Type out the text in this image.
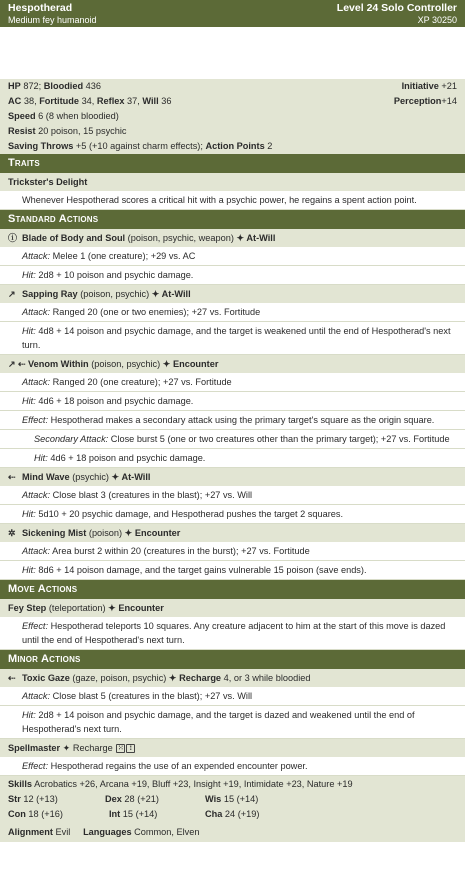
Hespotherad
Medium fey humanoid
Level 24 Solo Controller
XP 30250
HP 872; Bloodied 436	Initiative +21
AC 38, Fortitude 34, Reflex 37, Will 36	Perception+14
Speed 6 (8 when bloodied)
Resist 20 poison, 15 psychic
Saving Throws +5 (+10 against charm effects); Action Points 2
Traits
Trickster's Delight
Whenever Hespotherad scores a critical hit with a psychic power, he regains a spent action point.
Standard Actions
ⓘ Blade of Body and Soul (poison, psychic, weapon) ✦ At-Will
Attack: Melee 1 (one creature); +29 vs. AC
Hit: 2d8 + 10 poison and psychic damage.
↗ Sapping Ray (poison, psychic) ✦ At-Will
Attack: Ranged 20 (one or two enemies); +27 vs. Fortitude
Hit: 4d8 + 14 poison and psychic damage, and the target is weakened until the end of Hespotherad's next turn.
↗ ⇠ Venom Within (poison, psychic) ✦ Encounter
Attack: Ranged 20 (one creature); +27 vs. Fortitude
Hit: 4d6 + 18 poison and psychic damage.
Effect: Hespotherad makes a secondary attack using the primary target's square as the origin square.
Secondary Attack: Close burst 5 (one or two creatures other than the primary target); +27 vs. Fortitude
Hit: 4d6 + 18 poison and psychic damage.
⇠ Mind Wave (psychic) ✦ At-Will
Attack: Close blast 3 (creatures in the blast); +27 vs. Will
Hit: 5d10 + 20 psychic damage, and Hespotherad pushes the target 2 squares.
✲ Sickening Mist (poison) ✦ Encounter
Attack: Area burst 2 within 20 (creatures in the burst); +27 vs. Fortitude
Hit: 8d6 + 14 poison damage, and the target gains vulnerable 15 poison (save ends).
Move Actions
Fey Step (teleportation) ✦ Encounter
Effect: Hespotherad teleports 10 squares. Any creature adjacent to him at the start of this move is dazed until the end of Hespotherad's next turn.
Minor Actions
⇠ Toxic Gaze (gaze, poison, psychic) ✦ Recharge 4, or 3 while bloodied
Attack: Close blast 5 (creatures in the blast); +27 vs. Will
Hit: 2d8 + 14 poison and psychic damage, and the target is dazed and weakened until the end of Hespotherad's next turn.
Spellmaster ✦ Recharge ⁙ ⁞
Effect: Hespotherad regains the use of an expended encounter power.
Skills Acrobatics +26, Arcana +19, Bluff +23, Insight +19, Intimidate +23, Nature +19
Str 12 (+13)	Dex 28 (+21)	Wis 15 (+14)
Con 18 (+16)	Int 15 (+14)	Cha 24 (+19)
Alignment Evil Languages Common, Elven
